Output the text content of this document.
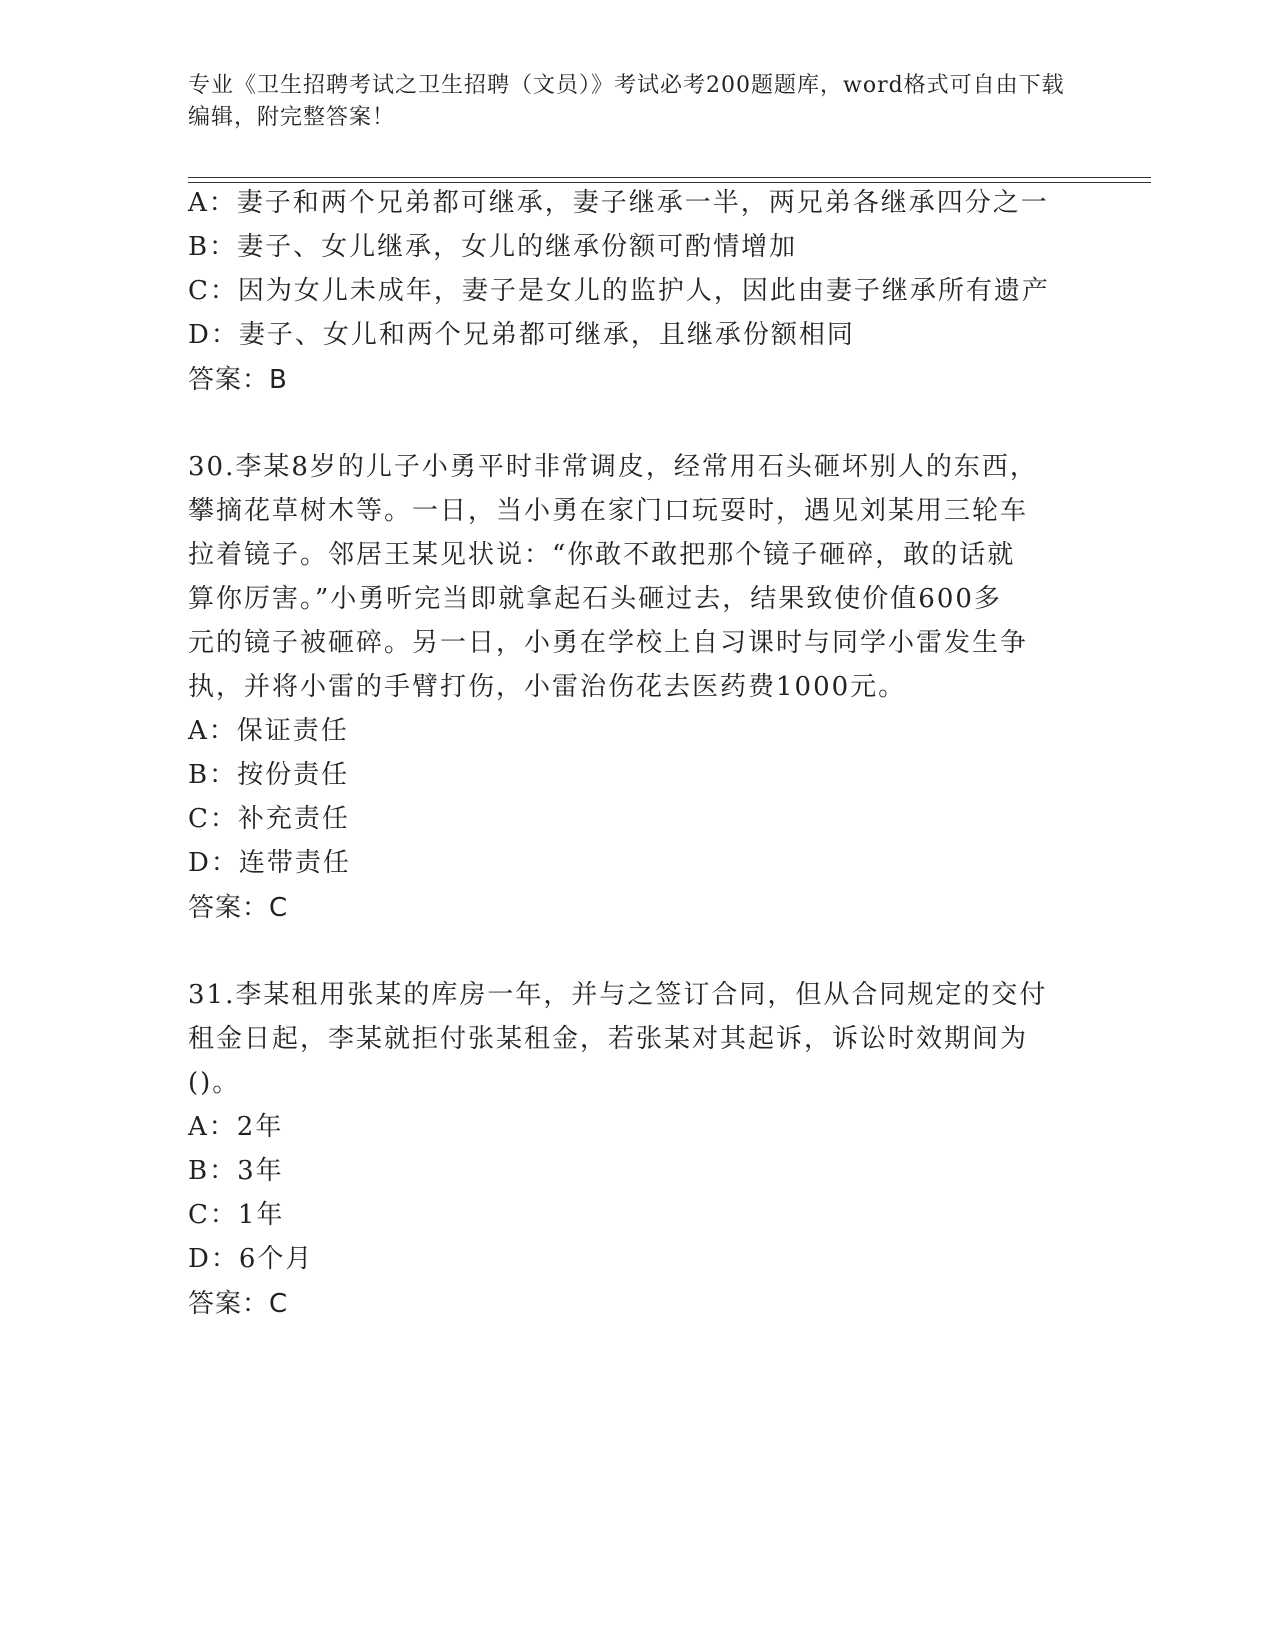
专业《卫生招聘考试之卫生招聘（文员）》考试必考200题题库，word格式可自由下载编辑，附完整答案！
A：妻子和两个兄弟都可继承，妻子继承一半，两兄弟各继承四分之一
B：妻子、女儿继承，女儿的继承份额可酌情增加
C：因为女儿未成年，妻子是女儿的监护人，因此由妻子继承所有遗产
D：妻子、女儿和两个兄弟都可继承，且继承份额相同
答案：B
30.李某8岁的儿子小勇平时非常调皮，经常用石头砸坏别人的东西，
攀摘花草树木等。一日，当小勇在家门口玩耍时，遇见刘某用三轮车
拉着镜子。邻居王某见状说：“你敢不敢把那个镜子砸碎，敢的话就
算你厉害。”小勇听完当即就拿起石头砸过去，结果致使价值600多
元的镜子被砸碎。另一日，小勇在学校上自习课时与同学小雷发生争
执，并将小雷的手臂打伤，小雷治伤花去医药费1000元。
A：保证责任
B：按份责任
C：补充责任
D：连带责任
答案：C
31.李某租用张某的库房一年，并与之签订合同，但从合同规定的交付
租金日起，李某就拒付张某租金，若张某对其起诉，诉讼时效期间为
()。
A：2年
B：3年
C：1年
D：6个月
答案：C
